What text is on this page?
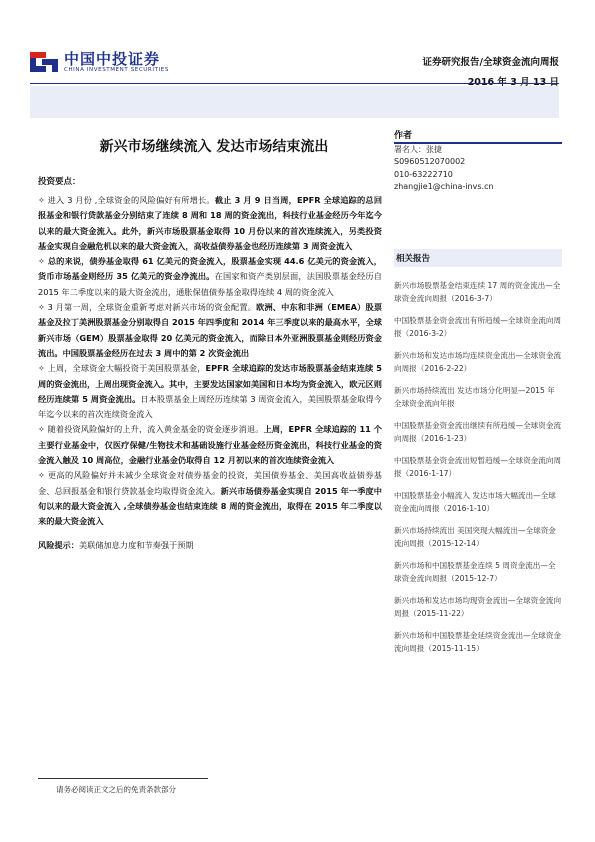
中国中投证券
CHINA INVESTMENT SECURITIES
证券研究报告/全球资金流向周报
新兴市场继续流入 发达市场结束流出
投资要点：

✧ 进入 3 月份 ,全球资金的风险偏好有所增长。截止 3 月 9 日当周，EPFR 全球追踪的总回报基金和银行贷款基金分别结束了连续 8 周和 18 周的资金流出，科技行业基金经历今年迄今以来的最大资金流入。此外，新兴市场股票基金取得 10 月份以来的首次连续流入，另类投资基金实现自金融危机以来的最大资金流入，高收益债券基金也经历连续第 3 周资金流入

✧ 总的来说，债券基金取得 61 亿美元的资金流入，股票基金实现 44.6 亿美元的资金流入，货币市场基金则经历 35 亿美元的资金净流出。在国家和资产类别层面，法国股票基金经历自 2015 年二季度以来的最大资金流出，通胀保值债券基金取得连续 4 周的资金流入

✧ 3 月第一周，全球资金重新考虑对新兴市场的资金配置。欧洲、中东和非洲（EMEA）股票基金及拉丁美洲股票基金分别取得自 2015 年四季度和 2014 年三季度以来的最高水平，全球新兴市场（GEM）股票基金取得 20 亿美元的资金流入，而除日本外亚洲股票基金则经历资金流出。中国股票基金经历在过去 3 周中的第 2 次资金流出

✧ 上周，全球资金大幅投资于美国股票基金，EPFR 全球追踪的发达市场股票基金结束连续 5 周的资金流出，上周出现资金流入。其中，主要发达国家如美国和日本均为资金流入，欧元区则经历连续第 5 周资金流出。日本股票基金上周经历连续第 3 周资金流入，美国股票基金取得今年迄今以来的首次连续资金流入

✧ 随着投资风险偏好的上升，流入黄金基金的资金逐步消退。上周，EPFR 全球追踪的 11 个主要行业基金中，仅医疗保健/生物技术和基础设施行业基金经历资金流出，科技行业基金的资金流入触及 10 周高位，金融行业基金仍取得自 12 月初以来的首次连续资金流入

✧ 更高的风险偏好并未减少全球资金对债券基金的投资，美国债券基金、美国高收益债券基金、总回报基金和银行贷款基金均取得资金流入。新兴市场债券基金实现自 2015 年一季度中旬以来的最大资金流入 ,全球债券基金也结束连续 8 周的资金流出，取得在 2015 年二季度以来的最大资金流入

风险提示：美联储加息力度和节奏强于预期
作者
署名人：张捷
S0960512070002
010-63222710
zhangjie1@china-invs.cn
相关报告
新兴市场股票基金结束连续 17 周的资金流出—全球资金流向周报（2016-3-7）
中国股票基金资金流出有所趋缓—全球资金流向周报（2016-3-2）
新兴市场和发达市场均连续资金流出—全球资金流向周报（2016-2-22）
新兴市场持续流出 发达市场分化明显—2015 年全球资金流向年报
中国股票基金资金流出继续有所趋缓—全球资金流向周报（2016-1-23）
中国股票基金资金流出短暂趋缓—全球资金流向周报（2016-1-17）
中国股票基金小幅流入 发达市场大幅流出—全球资金流向周报（2016-1-10）
新兴市场持续流出 美国突现大幅流出—全球资金流向周报（2015-12-14）
新兴市场和中国股票基金连续 5 周资金流出—全球资金流向周报（2015-12-7）
新兴市场和发达市场均现资金流出—全球资金流向周报（2015-11-22）
新兴市场和中国股票基金延续资金流出—全球资金流向周报（2015-11-15）
请务必阅读正文之后的免责条款部分
